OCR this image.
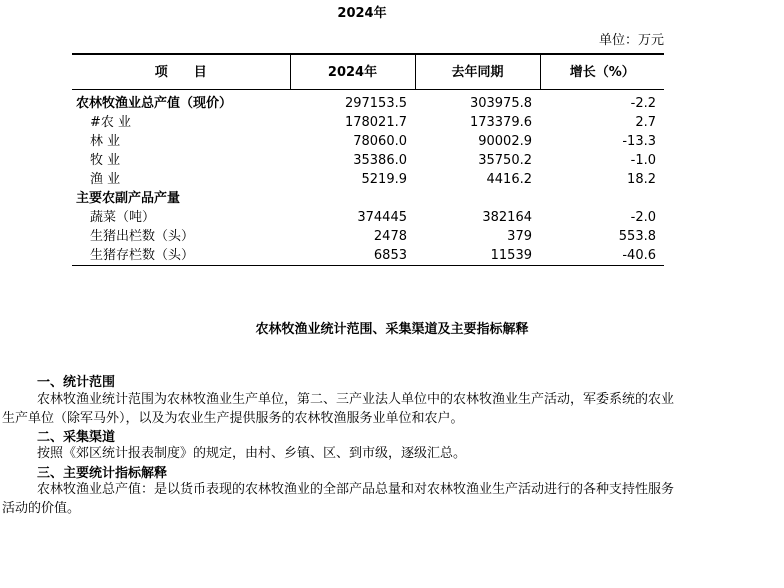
2024年
单位：万元
项　　目	2024年	去年同期	增长（%）

农林牧渔业总产值（现价）	297153.5	303975.8	-2.2
#农 业	178021.7	173379.6	2.7
林 业	78060.0	90002.9	-13.3
牧 业	35386.0	35750.2	-1.0
渔 业	5219.9	4416.2	18.2
主要农副产品产量			
蔬菜（吨）	374445	382164	-2.0
生猪出栏数（头）	2478	379	553.8
生猪存栏数（头）	6853	11539	-40.6
农林牧渔业统计范围、采集渠道及主要指标解释
一、统计范围
农林牧渔业统计范围为农林牧渔业生产单位，第二、三产业法人单位中的农林牧渔业生产活动，军委系统的农业
生产单位（除军马外），以及为农业生产提供服务的农林牧渔服务业单位和农户。
二、采集渠道
按照《郊区统计报表制度》的规定，由村、乡镇、区、到市级，逐级汇总。
三、主要统计指标解释
农林牧渔业总产值：是以货币表现的农林牧渔业的全部产品总量和对农林牧渔业生产活动进行的各种支持性服务
活动的价值。
